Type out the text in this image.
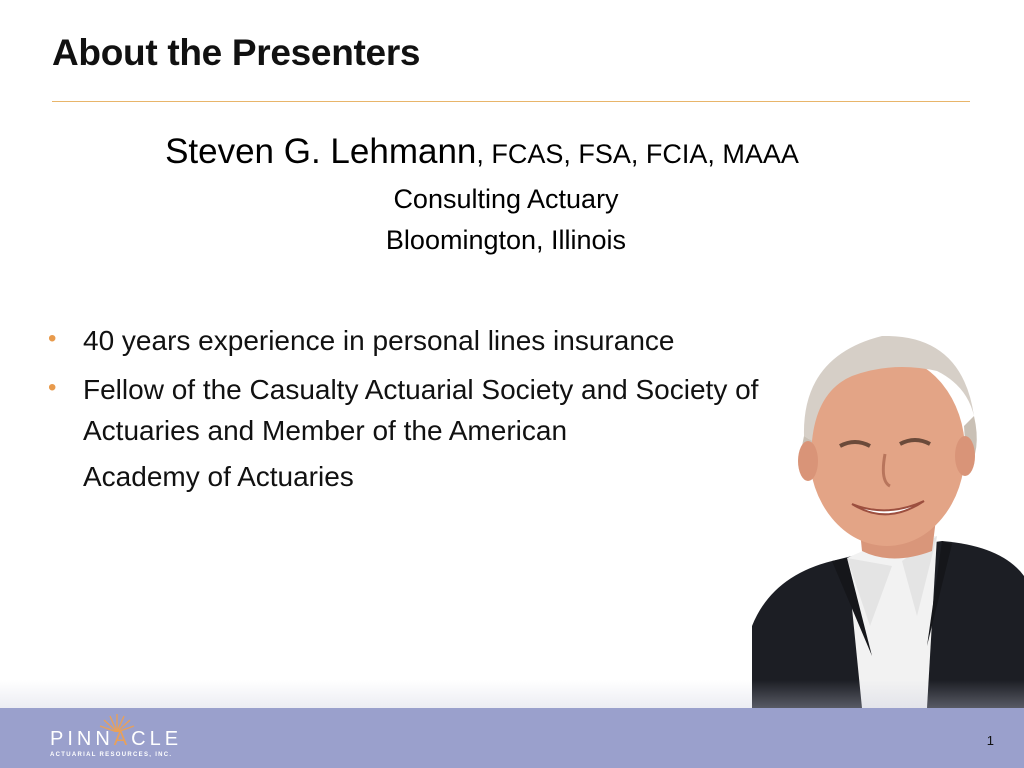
About the Presenters
Steven G. Lehmann, FCAS, FSA, FCIA, MAAA
Consulting Actuary
Bloomington, Illinois
• 40 years experience in personal lines insurance
• Fellow of the Casualty Actuarial Society and Society of Actuaries and Member of the American
Academy of Actuaries
PINNACLE
ACTUARIAL RESOURCES, INC.
1
